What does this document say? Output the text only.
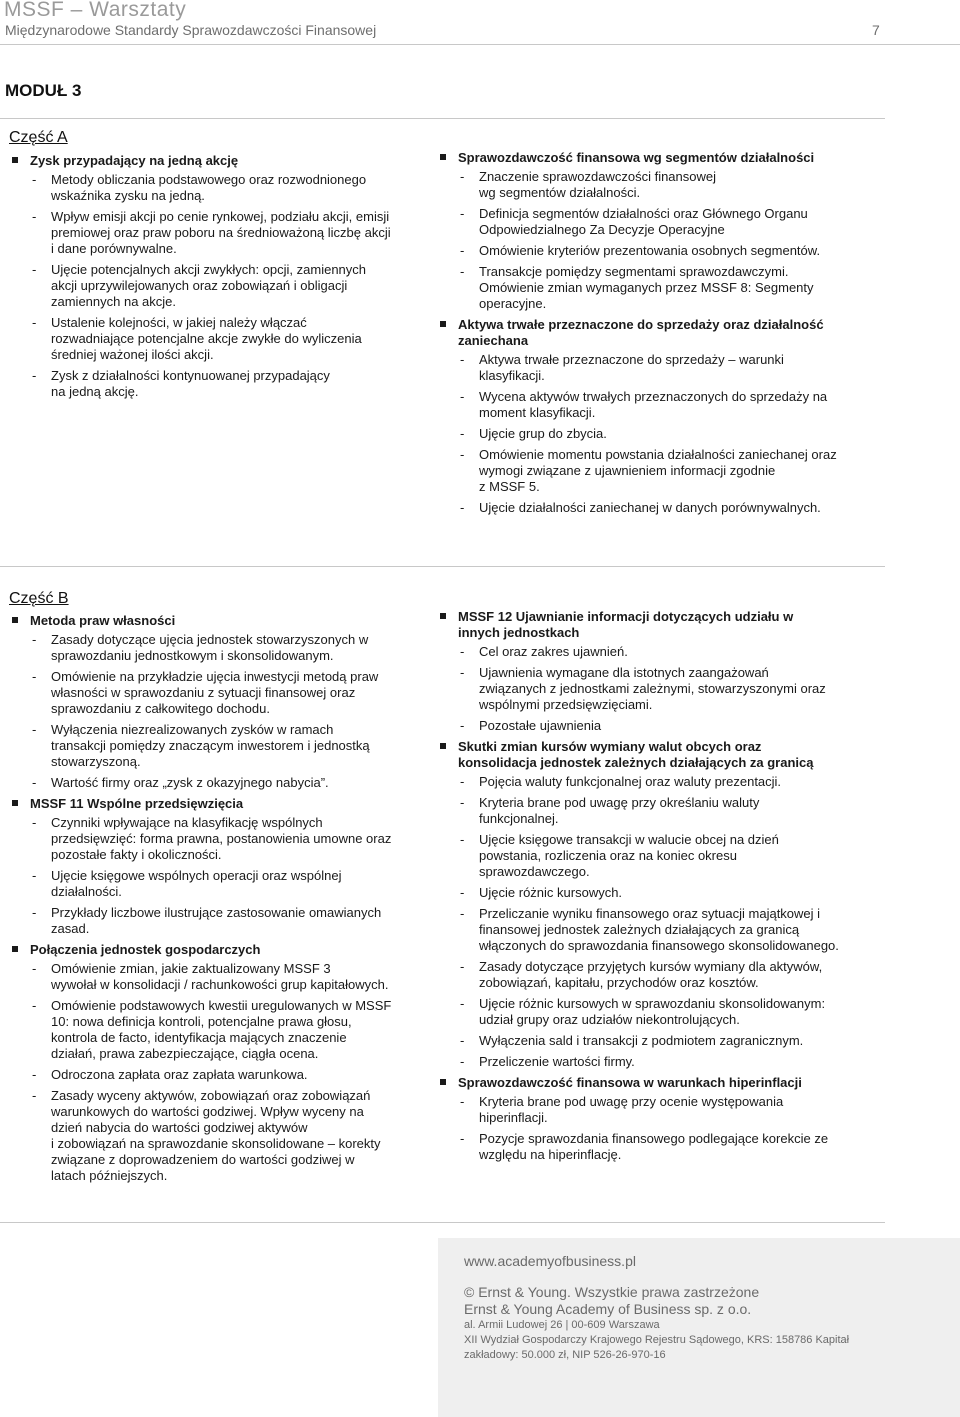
MSSF – Warsztaty
Międzynarodowe Standardy Sprawozdawczości Finansowej	7
MODUŁ 3
Część A
Zysk przypadający na jedną akcję
- Metody obliczania podstawowego oraz rozwodnionego
wskaźnika zysku na jedną.
- Wpływ emisji akcji po cenie rynkowej, podziału akcji, emisji
premiowej oraz praw poboru na średnioważoną liczbę akcji
i dane porównywalne.
- Ujęcie potencjalnych akcji zwykłych: opcji, zamiennych
akcji uprzywilejowanych oraz zobowiązań i obligacji
zamiennych na akcje.
- Ustalenie kolejności, w jakiej należy włączać
rozwadniające potencjalne akcje zwykłe do wyliczenia
średniej ważonej ilości akcji.
- Zysk z działalności kontynuowanej przypadający
na jedną akcję.
Sprawozdawczość finansowa wg segmentów działalności
- Znaczenie sprawozdawczości finansowej
wg segmentów działalności.
- Definicja segmentów działalności oraz Głównego Organu
Odpowiedzialnego Za Decyzje Operacyjne
- Omówienie kryteriów prezentowania osobnych segmentów.
- Transakcje pomiędzy segmentami sprawozdawczymi.
Omówienie zmian wymaganych przez MSSF 8: Segmenty
operacyjne.
Aktywa trwałe przeznaczone do sprzedaży oraz działalność
zaniechana
- Aktywa trwałe przeznaczone do sprzedaży – warunki
klasyfikacji.
- Wycena aktywów trwałych przeznaczonych do sprzedaży na
moment klasyfikacji.
- Ujęcie grup do zbycia.
- Omówienie momentu powstania działalności zaniechanej oraz
wymogi związane z ujawnieniem informacji zgodnie
z MSSF 5.
- Ujęcie działalności zaniechanej w danych porównywalnych.
Część B
Metoda praw własności
- Zasady dotyczące ujęcia jednostek stowarzyszonych w
sprawozdaniu jednostkowym i skonsolidowanym.
- Omówienie na przykładzie ujęcia inwestycji metodą praw
własności w sprawozdaniu z sytuacji finansowej oraz
sprawozdaniu z całkowitego dochodu.
- Wyłączenia niezrealizowanych zysków w ramach
transakcji pomiędzy znaczącym inwestorem i jednostką
stowarzyszoną.
- Wartość firmy oraz „zysk z okazyjnego nabycia”.
MSSF 11 Wspólne przedsięwzięcia
- Czynniki wpływające na klasyfikację wspólnych
przedsięwzięć: forma prawna, postanowienia umowne oraz
pozostałe fakty i okoliczności.
- Ujęcie księgowe wspólnych operacji oraz wspólnej
działalności.
- Przykłady liczbowe ilustrujące zastosowanie omawianych
zasad.
Połączenia jednostek gospodarczych
- Omówienie zmian, jakie zaktualizowany MSSF 3
wywołał w konsolidacji / rachunkowości grup kapitałowych.
- Omówienie podstawowych kwestii uregulowanych w MSSF
10: nowa definicja kontroli, potencjalne prawa głosu,
kontrola de facto, identyfikacja mających znaczenie
działań, prawa zabezpieczające, ciągła ocena.
- Odroczona zapłata oraz zapłata warunkowa.
- Zasady wyceny aktywów, zobowiązań oraz zobowiązań
warunkowych do wartości godziwej. Wpływ wyceny na
dzień nabycia do wartości godziwej aktywów
i zobowiązań na sprawozdanie skonsolidowane – korekty
związane z doprowadzeniem do wartości godziwej w
latach późniejszych.
MSSF 12 Ujawnianie informacji dotyczących udziału w
innych jednostkach
- Cel oraz zakres ujawnień.
- Ujawnienia wymagane dla istotnych zaangażowań
związanych z jednostkami zależnymi, stowarzyszonymi oraz
wspólnymi przedsięwzięciami.
- Pozostałe ujawnienia
Skutki zmian kursów wymiany walut obcych oraz
konsolidacja jednostek zależnych działających za granicą
- Pojęcia waluty funkcjonalnej oraz waluty prezentacji.
- Kryteria brane pod uwagę przy określaniu waluty
funkcjonalnej.
- Ujęcie księgowe transakcji w walucie obcej na dzień
powstania, rozliczenia oraz na koniec okresu
sprawozdawczego.
- Ujęcie różnic kursowych.
- Przeliczanie wyniku finansowego oraz sytuacji majątkowej i
finansowej jednostek zależnych działających za granicą
włączonych do sprawozdania finansowego skonsolidowanego.
- Zasady dotyczące przyjętych kursów wymiany dla aktywów,
zobowiązań, kapitału, przychodów oraz kosztów.
- Ujęcie różnic kursowych w sprawozdaniu skonsolidowanym:
udział grupy oraz udziałów niekontrolujących.
- Wyłączenia sald i transakcji z podmiotem zagranicznym.
- Przeliczenie wartości firmy.
Sprawozdawczość finansowa w warunkach hiperinflacji
- Kryteria brane pod uwagę przy ocenie występowania
hiperinflacji.
- Pozycje sprawozdania finansowego podlegające korekcie ze
względu na hiperinflację.
www.academyofbusiness.pl
© Ernst & Young. Wszystkie prawa zastrzeżone
Ernst & Young Academy of Business sp. z o.o.
al. Armii Ludowej 26 | 00-609 Warszawa
XII Wydział Gospodarczy Krajowego Rejestru Sądowego, KRS: 158786 Kapitał
zakładowy: 50.000 zł, NIP 526-26-970-16
